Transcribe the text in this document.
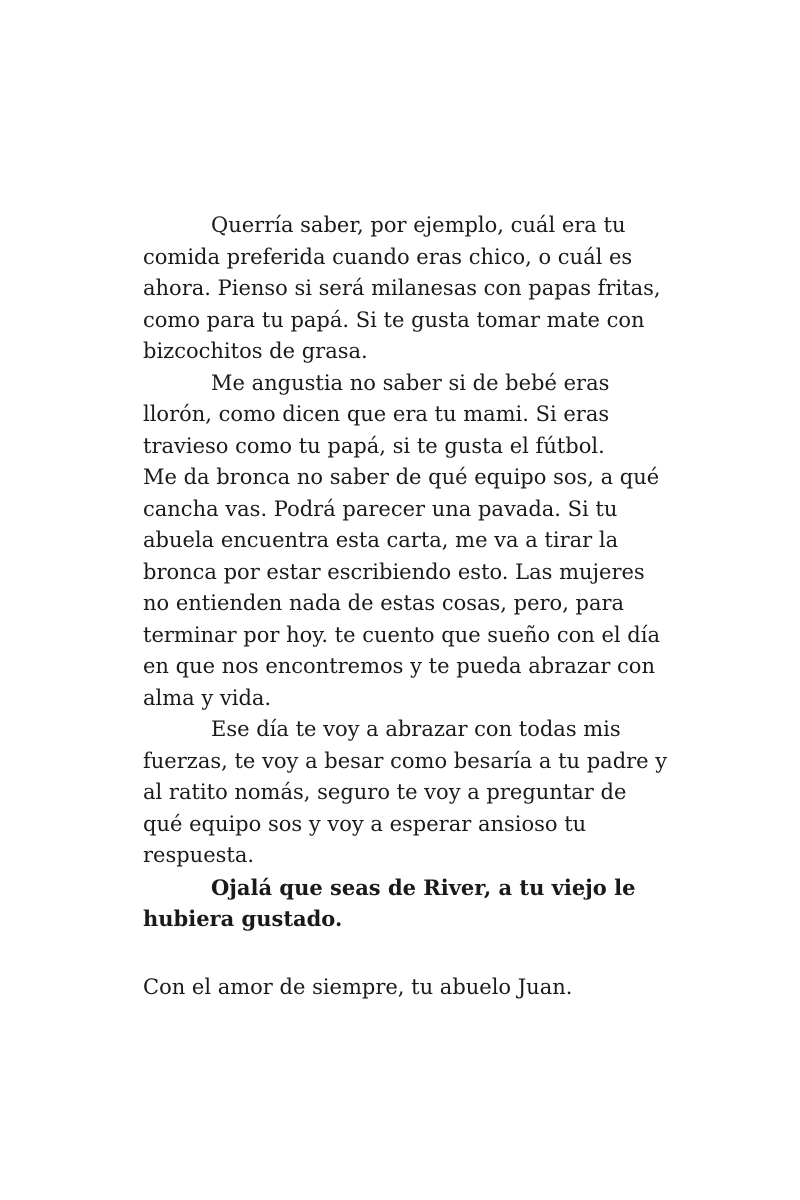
Querría saber, por ejemplo, cuál era tu
comida preferida cuando eras chico, o cuál es
ahora. Pienso si será milanesas con papas fritas,
como para tu papá. Si te gusta tomar mate con
bizcochitos de grasa.
Me angustia no saber si de bebé eras
llorón, como dicen que era tu mami. Si eras
travieso como tu papá, si te gusta el fútbol.
Me da bronca no saber de qué equipo sos, a qué
cancha vas. Podrá parecer una pavada. Si tu
abuela encuentra esta carta, me va a tirar la
bronca por estar escribiendo esto. Las mujeres
no entienden nada de estas cosas, pero, para
terminar por hoy. te cuento que sueño con el día
en que nos encontremos y te pueda abrazar con
alma y vida.
Ese día te voy a abrazar con todas mis
fuerzas, te voy a besar como besaría a tu padre y
al ratito nomás, seguro te voy a preguntar de
qué equipo sos y voy a esperar ansioso tu
respuesta.
Ojalá que seas de River, a tu viejo le
hubiera gustado.
Con el amor de siempre, tu abuelo Juan.
